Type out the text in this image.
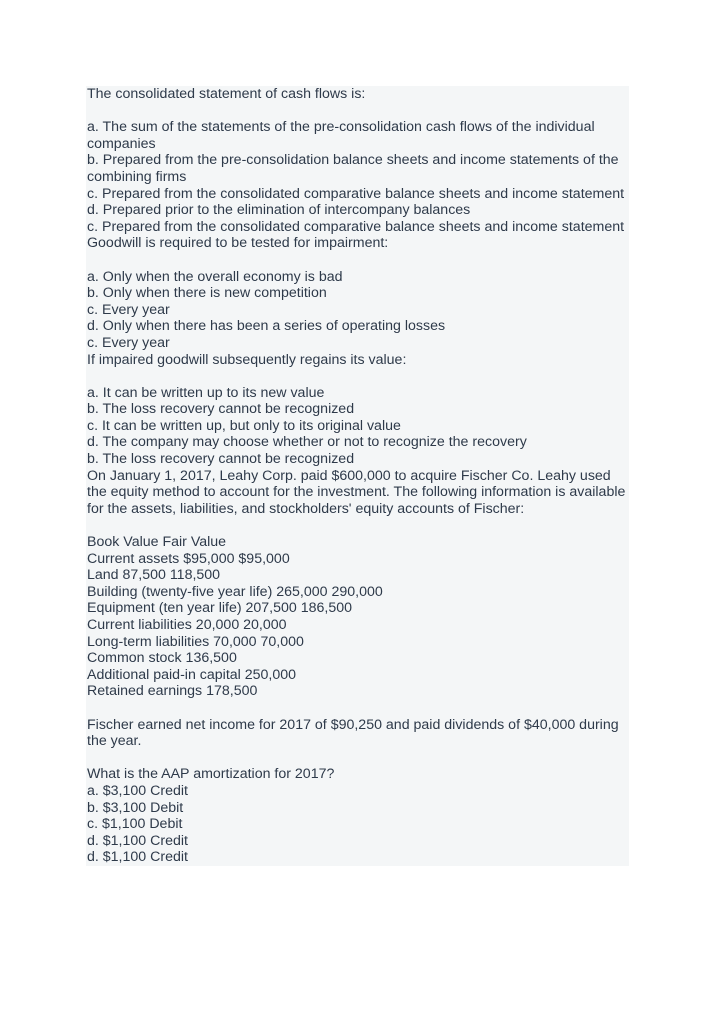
The consolidated statement of cash flows is:
a. The sum of the statements of the pre-consolidation cash flows of the individual companies
b. Prepared from the pre-consolidation balance sheets and income statements of the combining firms
c. Prepared from the consolidated comparative balance sheets and income statement
d. Prepared prior to the elimination of intercompany balances
c. Prepared from the consolidated comparative balance sheets and income statement
Goodwill is required to be tested for impairment:
a. Only when the overall economy is bad
b. Only when there is new competition
c. Every year
d. Only when there has been a series of operating losses
c. Every year
If impaired goodwill subsequently regains its value:
a. It can be written up to its new value
b. The loss recovery cannot be recognized
c. It can be written up, but only to its original value
d. The company may choose whether or not to recognize the recovery
b. The loss recovery cannot be recognized
On January 1, 2017, Leahy Corp. paid $600,000 to acquire Fischer Co. Leahy used the equity method to account for the investment. The following information is available for the assets, liabilities, and stockholders' equity accounts of Fischer:
Book Value Fair Value
Current assets $95,000 $95,000
Land 87,500 118,500
Building (twenty-five year life) 265,000 290,000
Equipment (ten year life) 207,500 186,500
Current liabilities 20,000 20,000
Long-term liabilities 70,000 70,000
Common stock 136,500
Additional paid-in capital 250,000
Retained earnings 178,500
Fischer earned net income for 2017 of $90,250 and paid dividends of $40,000 during the year.
What is the AAP amortization for 2017?
a. $3,100 Credit
b. $3,100 Debit
c. $1,100 Debit
d. $1,100 Credit
d. $1,100 Credit
